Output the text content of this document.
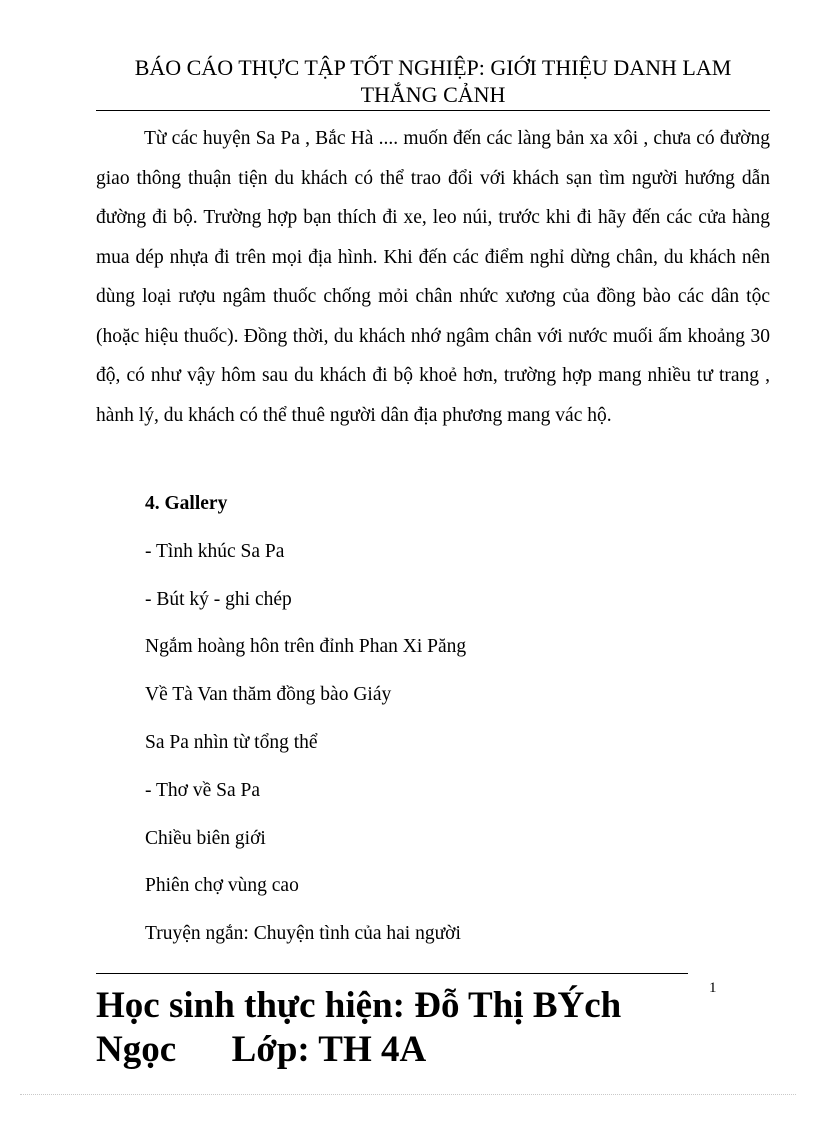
BÁO CÁO THỰC TẬP TỐT NGHIỆP: GIỚI THIỆU DANH LAM
THẮNG CẢNH

Từ các huyện Sa Pa , Bắc Hà .... muốn đến các làng bản xa xôi , chưa có đường giao thông thuận tiện du khách có thể trao đổi với khách sạn tìm người hướng dẫn đường đi bộ. Trường hợp bạn thích đi xe, leo núi, trước khi đi hãy đến các cửa hàng mua dép nhựa đi trên mọi địa hình. Khi đến các điểm nghỉ dừng chân, du khách nên dùng loại rượu ngâm thuốc chống mỏi chân nhức xương của đồng bào các dân tộc (hoặc hiệu thuốc). Đồng thời, du khách nhớ ngâm chân với nước muối ấm khoảng 30 độ, có như vậy hôm sau du khách đi bộ khoẻ hơn, trường hợp mang nhiều tư trang , hành lý, du khách có thể thuê người dân địa phương mang vác hộ.

4. Gallery
- Tình khúc Sa Pa
- Bút ký - ghi chép
Ngắm hoàng hôn trên đỉnh Phan Xi Păng
Về Tà Van thăm đồng bào Giáy
Sa Pa nhìn từ tổng thể
- Thơ về Sa Pa
Chiều biên giới
Phiên chợ vùng cao
Truyện ngắn: Chuyện tình của hai người
1
Học sinh thực hiện: Đỗ Thị BÝch
Ngọc Lớp: TH 4A
